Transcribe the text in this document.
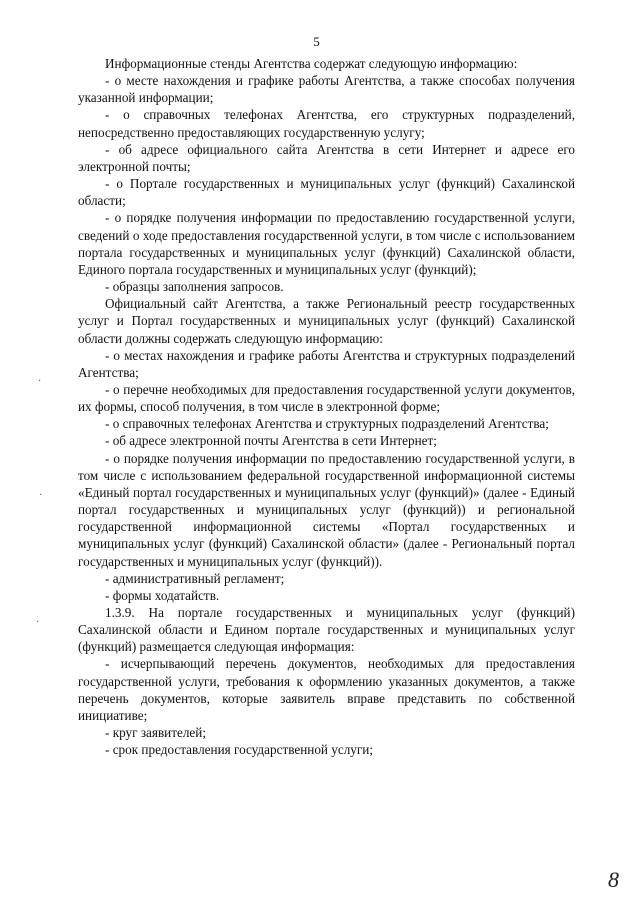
5

Информационные стенды Агентства содержат следующую информацию:

- о месте нахождения и графике работы Агентства, а также способах получения указанной информации;

- о справочных телефонах Агентства, его структурных подразделений, непосредственно предоставляющих государственную услугу;

- об адресе официального сайта Агентства в сети Интернет и адресе его электронной почты;

- о Портале государственных и муниципальных услуг (функций) Сахалинской области;

- о порядке получения информации по предоставлению государственной услуги, сведений о ходе предоставления государственной услуги, в том числе с использованием портала государственных и муниципальных услуг (функций) Сахалинской области, Единого портала государственных и муниципальных услуг (функций);

- образцы заполнения запросов.

Официальный сайт Агентства, а также Региональный реестр государственных услуг и Портал государственных и муниципальных услуг (функций) Сахалинской области должны содержать следующую информацию:

- о местах нахождения и графике работы Агентства и структурных подразделений Агентства;

- о перечне необходимых для предоставления государственной услуги документов, их формы, способ получения, в том числе в электронной форме;

- о справочных телефонах Агентства и структурных подразделений Агентства;

- об адресе электронной почты Агентства в сети Интернет;

- о порядке получения информации по предоставлению государственной услуги, в том числе с использованием федеральной государственной информационной системы «Единый портал государственных и муниципальных услуг (функций)» (далее - Единый портал государственных и муниципальных услуг (функций)) и региональной государственной информационной системы «Портал государственных и муниципальных услуг (функций) Сахалинской области» (далее - Региональный портал государственных и муниципальных услуг (функций)).

- административный регламент;

- формы ходатайств.

1.3.9. На портале государственных и муниципальных услуг (функций) Сахалинской области и Едином портале государственных и муниципальных услуг (функций) размещается следующая информация:

- исчерпывающий перечень документов, необходимых для предоставления государственной услуги, требования к оформлению указанных документов, а также перечень документов, которые заявитель вправе представить по собственной инициативе;

- круг заявителей;

- срок предоставления государственной услуги;

·
·
·
8
